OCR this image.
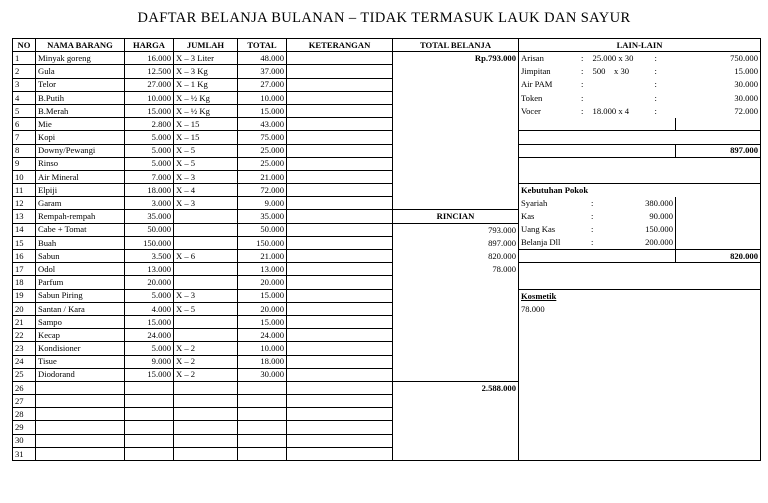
DAFTAR BELANJA BULANAN – TIDAK TERMASUK LAUK DAN SAYUR
NO	NAMA BARANG	HARGA	JUMLAH	TOTAL	KETERANGAN	TOTAL BELANJA	LAIN-LAIN		
1	Minyak goreng	16.000	X – 3 Liter	48.000		Rp.793.000	Arisan :	25.000 x 30 :	750.000
2	Gula	12.500	X – 3 Kg	37.000			Jimpitan :	500    x 30 :	15.000
3	Telor	27.000	X – 1 Kg	27.000			Air PAM :	:	30.000
4	B.Putih	10.000	X – ½ Kg	10.000			Token :	:	30.000
5	B.Merah	15.000	X – ½ Kg	15.000			Vocer :	18.000 x 4 :	72.000
6	Mie	2.800	X – 15	43.000					
7	Kopi	5.000	X – 15	75.000					
8	Downy/Pewangi	5.000	X – 5	25.000					897.000
9	Rinso	5.000	X – 5	25.000					
10	Air Mineral	7.000	X – 3	21.000					
11	Elpiji	18.000	X – 4	72.000			Kebutuhan Pokok		
12	Garam	3.000	X – 3	9.000			Syariah : 380.000		

13	Rempah-rempah	35.000		35.000		RINCIAN	Kas : 90.000		

14	Cabe + Tomat	50.000		50.000		793.000	Uang Kas : 150.000		

15	Buah	150.000		150.000		897.000	Belanja Dll : 200.000		

16	Sabun	3.500	X – 6	21.000		820.000			820.000
17	Odol	13.000		13.000		78.000			
18	Parfum	20.000		20.000					
19	Sabun Piring	5.000	X – 3	15.000			Kosmetik		
20	Santan / Kara	4.000	X – 5	20.000			78.000		
21	Sampo	15.000		15.000					
22	Kecap	24.000		24.000					
23	Kondisioner	5.000	X – 2	10.000					
24	Tisue	9.000	X – 2	18.000					
25	Diodorand	15.000	X – 2	30.000					
26						2.588.000			
27									
28									
29									
30									
31									
